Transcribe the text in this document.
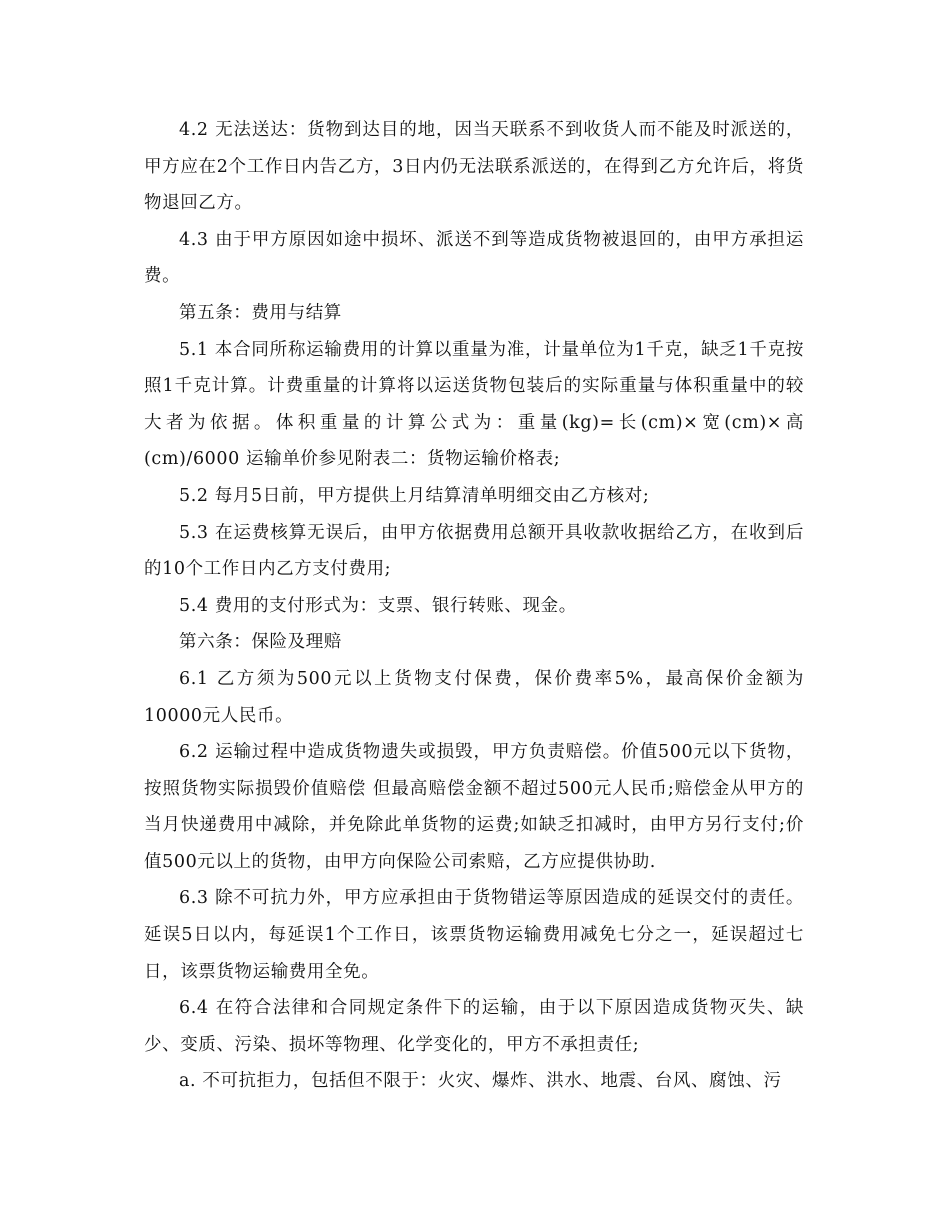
4.2 无法送达：货物到达目的地，因当天联系不到收货人而不能及时派送的，甲方应在2个工作日内告乙方，3日内仍无法联系派送的，在得到乙方允许后，将货物退回乙方。

4.3 由于甲方原因如途中损坏、派送不到等造成货物被退回的，由甲方承担运费。

第五条：费用与结算

5.1 本合同所称运输费用的计算以重量为准，计量单位为1千克，缺乏1千克按照1千克计算。计费重量的计算将以运送货物包装后的实际重量与体积重量中的较大者为依据。体积重量的计算公式为：重量(kg)=长(cm)×宽(cm)×高(cm)/6000 运输单价参见附表二：货物运输价格表;

5.2 每月5日前，甲方提供上月结算清单明细交由乙方核对;

5.3 在运费核算无误后，由甲方依据费用总额开具收款收据给乙方，在收到后的10个工作日内乙方支付费用;

5.4 费用的支付形式为：支票、银行转账、现金。

第六条：保险及理赔

6.1 乙方须为500元以上货物支付保费，保价费率5%，最高保价金额为10000元人民币。

6.2 运输过程中造成货物遗失或损毁，甲方负责赔偿。价值500元以下货物，按照货物实际损毁价值赔偿 但最高赔偿金额不超过500元人民币;赔偿金从甲方的当月快递费用中减除，并免除此单货物的运费;如缺乏扣减时，由甲方另行支付;价值500元以上的货物，由甲方向保险公司索赔，乙方应提供协助.

6.3 除不可抗力外，甲方应承担由于货物错运等原因造成的延误交付的责任。延误5日以内，每延误1个工作日，该票货物运输费用减免七分之一，延误超过七日，该票货物运输费用全免。

6.4 在符合法律和合同规定条件下的运输，由于以下原因造成货物灭失、缺少、变质、污染、损坏等物理、化学变化的，甲方不承担责任;

a. 不可抗拒力，包括但不限于：火灾、爆炸、洪水、地震、台风、腐蚀、污
